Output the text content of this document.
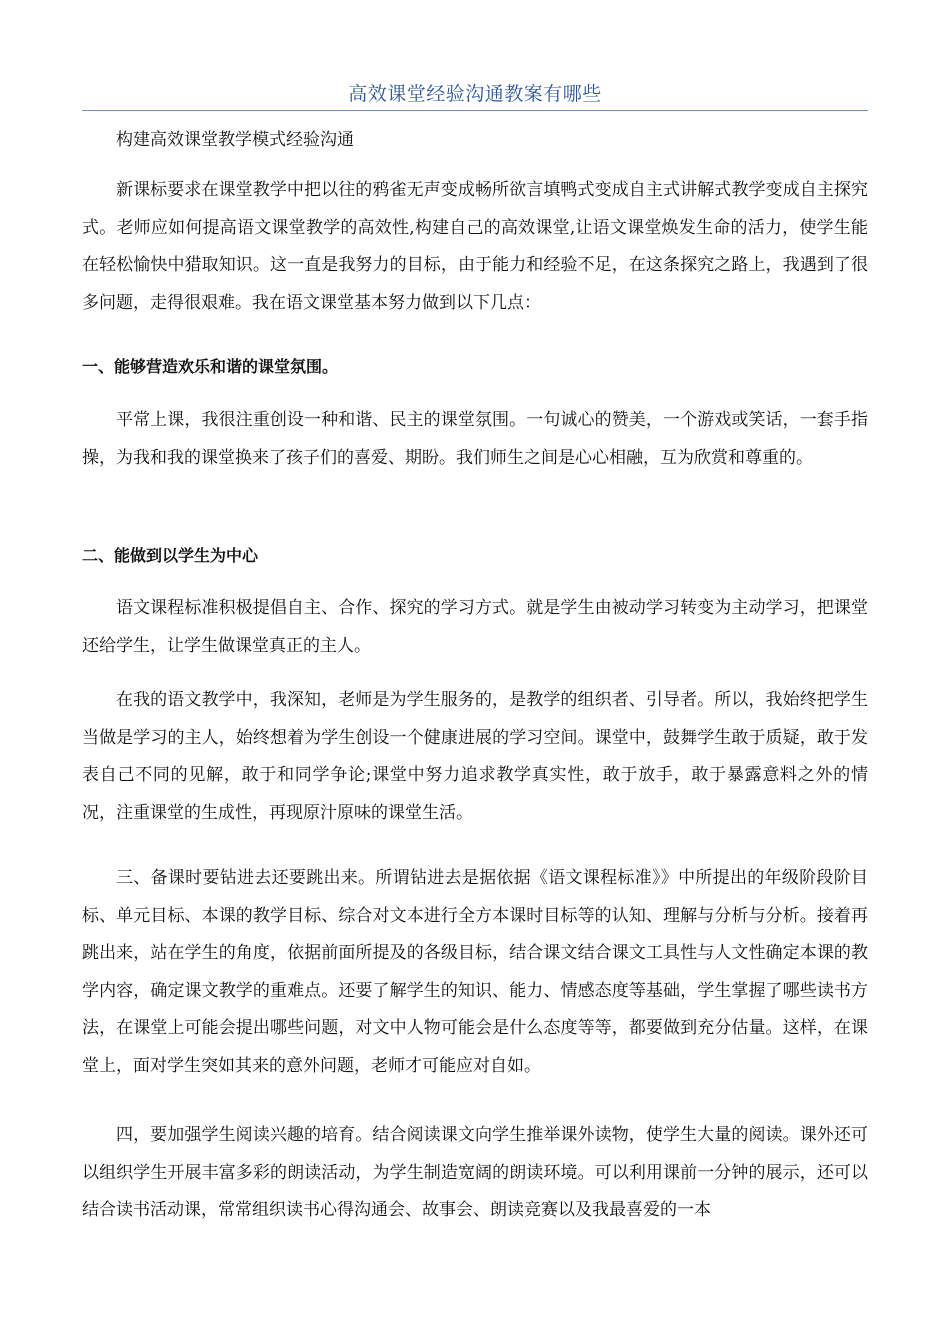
高效课堂经验沟通教案有哪些

构建高效课堂教学模式经验沟通

新课标要求在课堂教学中把以往的鸦雀无声变成畅所欲言填鸭式变成自主式讲解式教学变成自主探究式。老师应如何提高语文课堂教学的高效性,构建自己的高效课堂,让语文课堂焕发生命的活力，使学生能在轻松愉快中猎取知识。这一直是我努力的目标，由于能力和经验不足，在这条探究之路上，我遇到了很多问题，走得很艰难。我在语文课堂基本努力做到以下几点：

一、能够营造欢乐和谐的课堂氛围。

平常上课，我很注重创设一种和谐、民主的课堂氛围。一句诚心的赞美，一个游戏或笑话，一套手指操，为我和我的课堂换来了孩子们的喜爱、期盼。我们师生之间是心心相融，互为欣赏和尊重的。

二、能做到以学生为中心

语文课程标准积极提倡自主、合作、探究的学习方式。就是学生由被动学习转变为主动学习，把课堂还给学生，让学生做课堂真正的主人。

在我的语文教学中，我深知，老师是为学生服务的，是教学的组织者、引导者。所以，我始终把学生当做是学习的主人，始终想着为学生创设一个健康进展的学习空间。课堂中，鼓舞学生敢于质疑，敢于发表自己不同的见解，敢于和同学争论;课堂中努力追求教学真实性，敢于放手，敢于暴露意料之外的情况，注重课堂的生成性，再现原汁原味的课堂生活。

三、备课时要钻进去还要跳出来。所谓钻进去是据依据《语文课程标准》》中所提出的年级阶段阶目标、单元目标、本课的教学目标、综合对文本进行全方本课时目标等的认知、理解与分析与分析。接着再跳出来，站在学生的角度，依据前面所提及的各级目标，结合课文结合课文工具性与人文性确定本课的教学内容，确定课文教学的重难点。还要了解学生的知识、能力、情感态度等基础，学生掌握了哪些读书方法，在课堂上可能会提出哪些问题，对文中人物可能会是什么态度等等，都要做到充分估量。这样，在课堂上，面对学生突如其来的意外问题，老师才可能应对自如。

四，要加强学生阅读兴趣的培育。结合阅读课文向学生推举课外读物，使学生大量的阅读。课外还可以组织学生开展丰富多彩的朗读活动，为学生制造宽阔的朗读环境。可以利用课前一分钟的展示，还可以结合读书活动课，常常组织读书心得沟通会、故事会、朗读竞赛以及我最喜爱的一本
